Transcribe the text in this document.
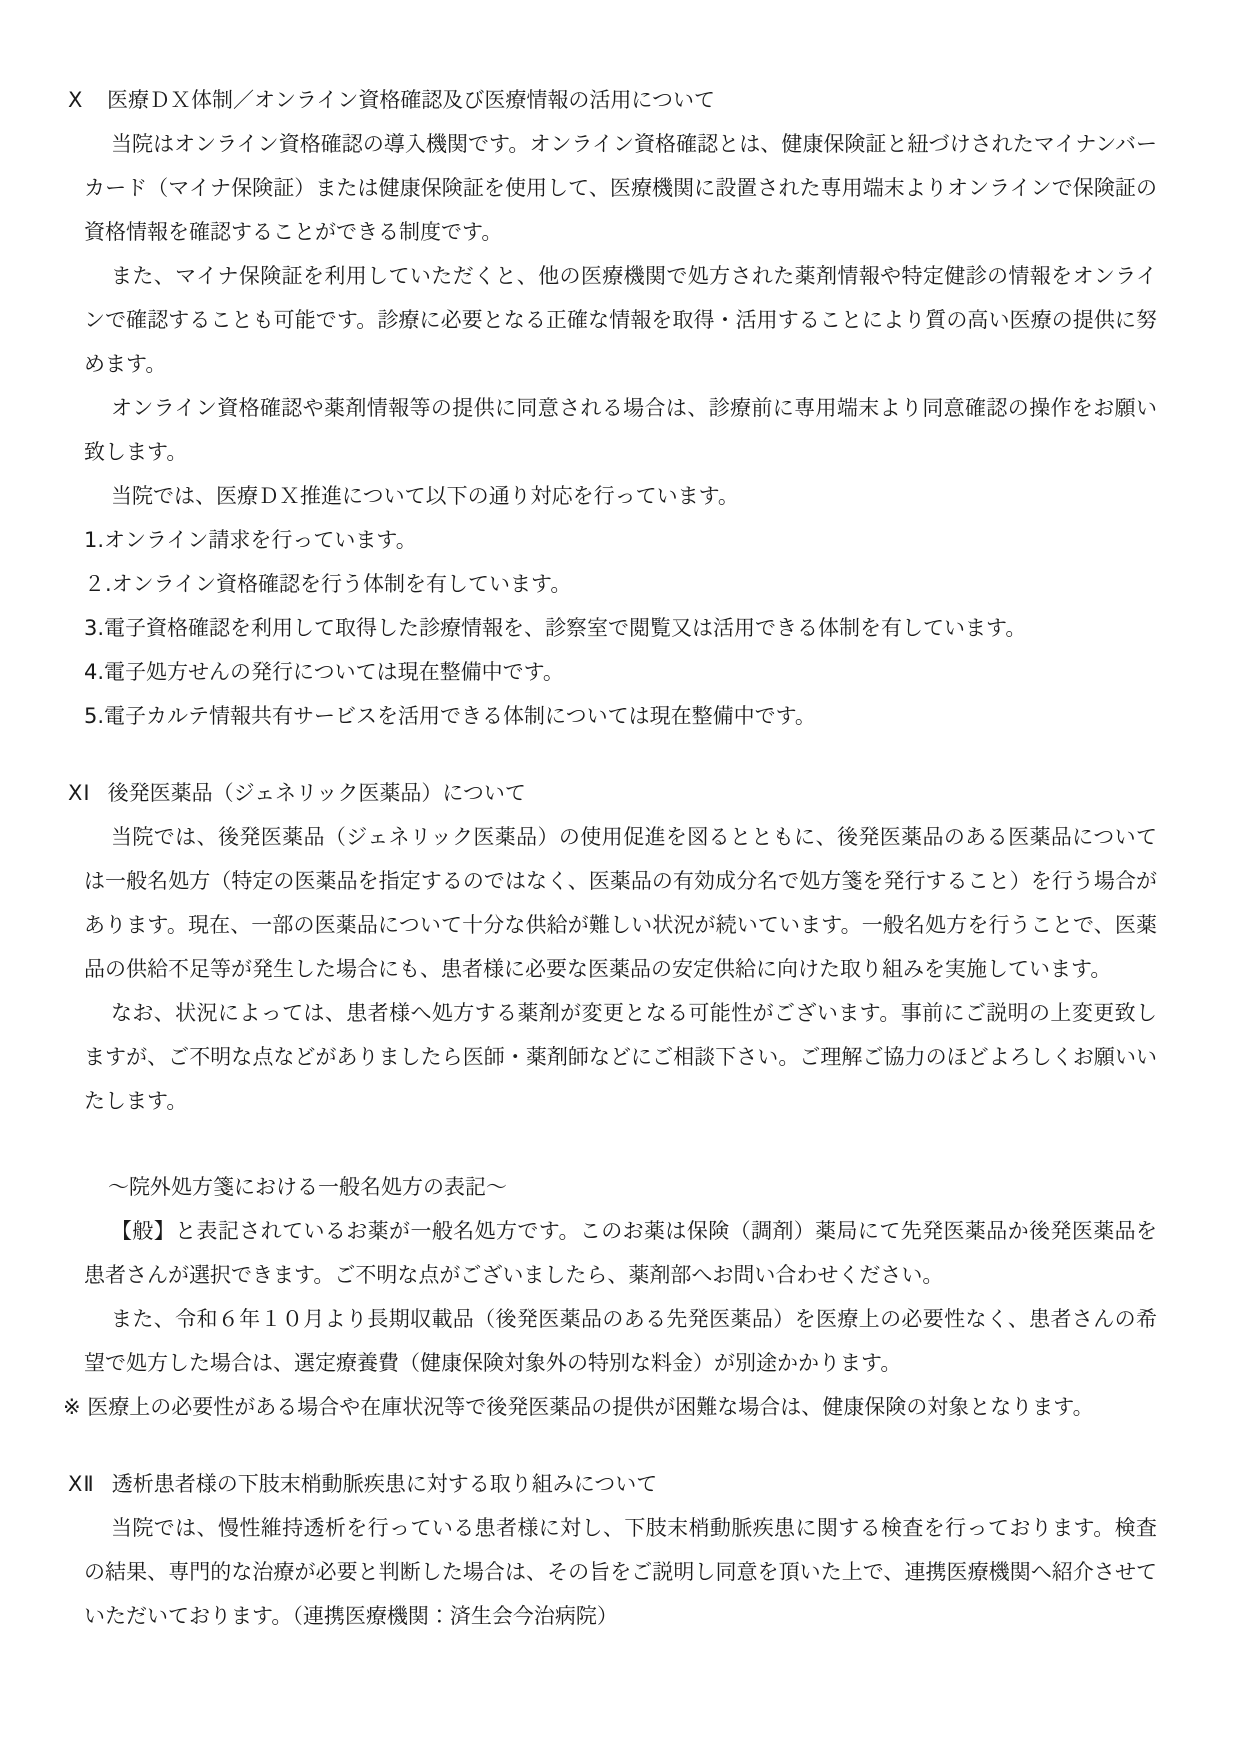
Ⅹ	医療ＤＸ体制／オンライン資格確認及び医療情報の活用について

当院はオンライン資格確認の導入機関です。オンライン資格確認とは、健康保険証と紐づけされたマイナンバーカード（マイナ保険証）または健康保険証を使用して、医療機関に設置された専用端末よりオンラインで保険証の資格情報を確認することができる制度です。

また、マイナ保険証を利用していただくと、他の医療機関で処方された薬剤情報や特定健診の情報をオンラインで確認することも可能です。診療に必要となる正確な情報を取得・活用することにより質の高い医療の提供に努めます。

オンライン資格確認や薬剤情報等の提供に同意される場合は、診療前に専用端末より同意確認の操作をお願い致します。

当院では、医療ＤＸ推進について以下の通り対応を行っています。

1.オンライン請求を行っています。

２.オンライン資格確認を行う体制を有しています。

3.電子資格確認を利用して取得した診療情報を、診察室で閲覧又は活用できる体制を有しています。

4.電子処方せんの発行については現在整備中です。

5.電子カルテ情報共有サービスを活用できる体制については現在整備中です。

ⅩⅠ 後発医薬品（ジェネリック医薬品）について

当院では、後発医薬品（ジェネリック医薬品）の使用促進を図るとともに、後発医薬品のある医薬品については一般名処方（特定の医薬品を指定するのではなく、医薬品の有効成分名で処方箋を発行すること）を行う場合があります。現在、一部の医薬品について十分な供給が難しい状況が続いています。一般名処方を行うことで、医薬品の供給不足等が発生した場合にも、患者様に必要な医薬品の安定供給に向けた取り組みを実施しています。

なお、状況によっては、患者様へ処方する薬剤が変更となる可能性がございます。事前にご説明の上変更致しますが、ご不明な点などがありましたら医師・薬剤師などにご相談下さい。ご理解ご協力のほどよろしくお願いいたします。

～院外処方箋における一般名処方の表記～

【般】と表記されているお薬が一般名処方です。このお薬は保険（調剤）薬局にて先発医薬品か後発医薬品を患者さんが選択できます。ご不明な点がございましたら、薬剤部へお問い合わせください。

また、令和６年１０月より長期収載品（後発医薬品のある先発医薬品）を医療上の必要性なく、患者さんの希望で処方した場合は、選定療養費（健康保険対象外の特別な料金）が別途かかります。

※ 医療上の必要性がある場合や在庫状況等で後発医薬品の提供が困難な場合は、健康保険の対象となります。

ⅩⅡ 透析患者様の下肢末梢動脈疾患に対する取り組みについて

当院では、慢性維持透析を行っている患者様に対し、下肢末梢動脈疾患に関する検査を行っております。検査の結果、専門的な治療が必要と判断した場合は、その旨をご説明し同意を頂いた上で、連携医療機関へ紹介させていただいております。（連携医療機関：済生会今治病院）
